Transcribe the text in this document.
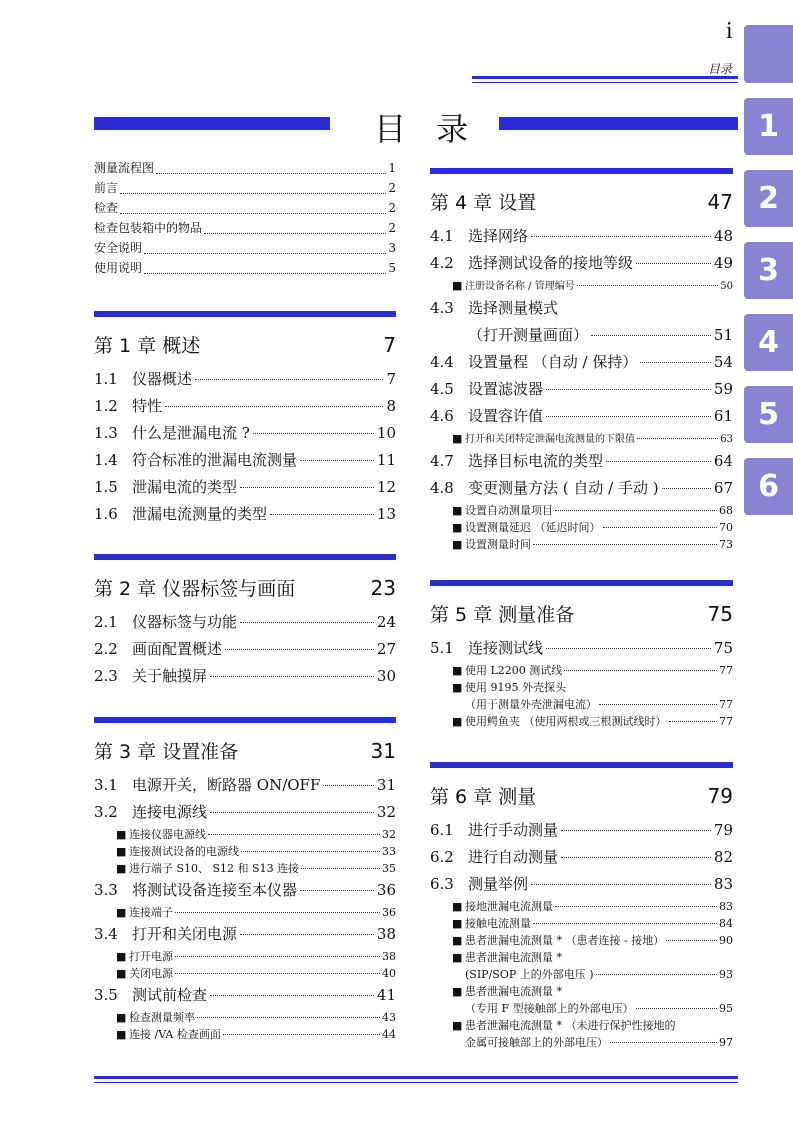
i
目录
目 录	1
2
3
4
5
6
测量流程图	1
前言	2
检查	2
检查包装箱中的物品	2
安全说明	3
使用说明	5
第 1 章 概述	7
1.1 仪器概述	7
1.2 特性	8
1.3 什么是泄漏电流 ?	10
1.4 符合标准的泄漏电流测量	11
1.5 泄漏电流的类型	12
1.6 泄漏电流测量的类型	13
第 2 章 仪器标签与画面	23
2.1 仪器标签与功能	24
2.2 画面配置概述	27
2.3 关于触摸屏	30
第 3 章 设置准备	31
3.1 电源开关，断路器 ON/OFF	31
3.2 连接电源线	32
■ 连接仪器电源线	32
■ 连接测试设备的电源线	33
■ 进行端子 S10、 S12 和 S13 连接	35
3.3 将测试设备连接至本仪器	36
■ 连接端子	36
3.4 打开和关闭电源	38
■ 打开电源	38
■ 关闭电源	40
3.5 测试前检查	41
■ 检查测量频率	43
■ 连接 /VA 检查画面	44
第 4 章 设置	47
4.1 选择网络	48
4.2 选择测试设备的接地等级	49
■ 注册设备名称 / 管理编号	50
4.3 选择测量模式
（打开测量画面）	51
4.4 设置量程 （自动 / 保持）	54
4.5 设置滤波器	59
4.6 设置容许值	61
■ 打开和关闭特定泄漏电流测量的下限值	63
4.7 选择目标电流的类型	64
4.8 变更测量方法 ( 自动 / 手动 )	67
■ 设置自动测量项目	68
■ 设置测量延迟 （延迟时间）	70
■ 设置测量时间	73
第 5 章 测量准备	75
5.1 连接测试线	75
■ 使用 L2200 测试线	77
■ 使用 9195 外壳探头
（用于测量外壳泄漏电流）	77
■ 使用鳄鱼夹 （使用两根或三根测试线时）	77
第 6 章 测量	79
6.1 进行手动测量	79
6.2 进行自动测量	82
6.3 测量举例	83
■ 接地泄漏电流测量	83
■ 接触电流测量	84
■ 患者泄漏电流测量 * （患者连接 - 接地）	90
■ 患者泄漏电流测量 *
(SIP/SOP 上的外部电压 )	93
■ 患者泄漏电流测量 *
（专用 F 型接触部上的外部电压）	95
■ 患者泄漏电流测量 * （未进行保护性接地的
金属可接触部上的外部电压）	97
